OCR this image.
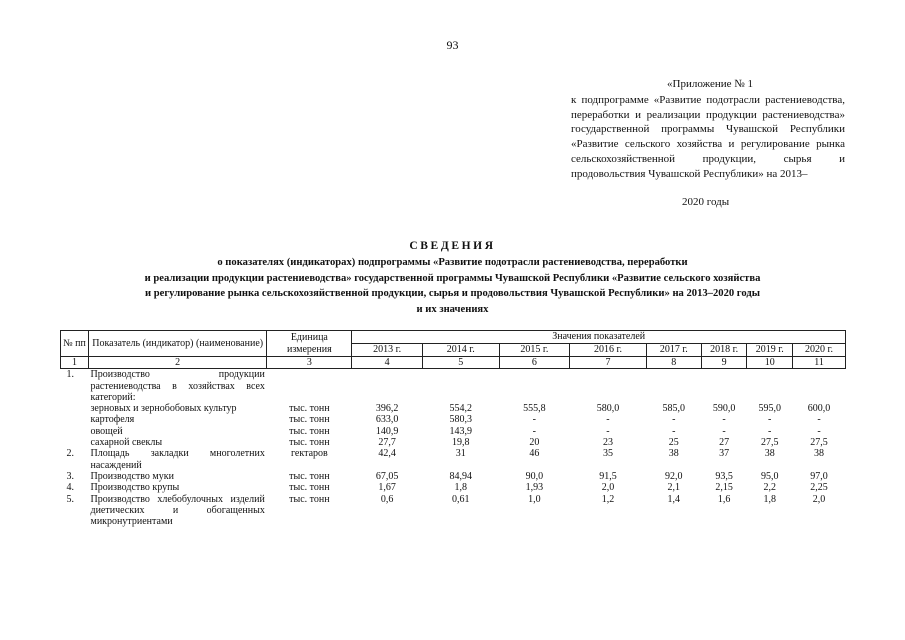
93
«Приложение № 1
к подпрограмме «Развитие подотрасли растениеводства, переработки и реализации продукции растениеводства» государственной программы Чувашской Республики «Развитие сельского хозяйства и регулирование рынка сельскохозяйственной продукции, сырья и продовольствия Чувашской Республики» на 2013–
2020 годы
СВЕДЕНИЯ
о показателях (индикаторах) подпрограммы «Развитие подотрасли растениеводства, переработки
и реализации продукции растениеводства» государственной программы Чувашской Республики «Развитие сельского хозяйства
и регулирование рынка сельскохозяйственной продукции, сырья и продовольствия Чувашской Республики» на 2013–2020 годы
и их значениях
№ пп	Показатель (индикатор) (наименование)	Единица измерения	Значения показателей							
			2013 г.	2014 г.	2015 г.	2016 г.	2017 г.	2018 г.	2019 г.	2020 г.
1	2	3	4	5	6	7	8	9	10	11
1.	Производство продукции растениеводства в хозяйствах всех категорий:									
	зерновых и зернобобовых культур	тыс. тонн	396,2	554,2	555,8	580,0	585,0	590,0	595,0	600,0
	картофеля	тыс. тонн	633,0	580,3	-	-	-	-	-	-
	овощей	тыс. тонн	140,9	143,9	-	-	-	-	-	-
	сахарной свеклы	тыс. тонн	27,7	19,8	20	23	25	27	27,5	27,5
2.	Площадь закладки многолетних насаждений	гектаров	42,4	31	46	35	38	37	38	38
3.	Производство муки	тыс. тонн	67,05	84,94	90,0	91,5	92,0	93,5	95,0	97,0
4.	Производство крупы	тыс. тонн	1,67	1,8	1,93	2,0	2,1	2,15	2,2	2,25
5.	Производство хлебобулочных изделий диетических и обогащенных микронутриентами	тыс. тонн	0,6	0,61	1,0	1,2	1,4	1,6	1,8	2,0
